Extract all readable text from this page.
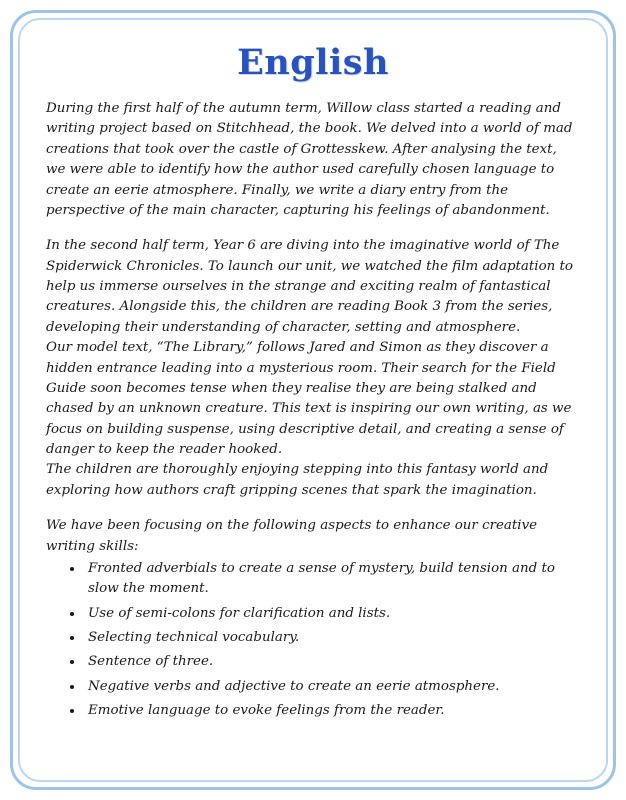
English

During the first half of the autumn term, Willow class started a reading and writing project based on Stitchhead, the book. We delved into a world of mad creations that took over the castle of Grottesskew. After analysing the text, we were able to identify how the author used carefully chosen language to create an eerie atmosphere. Finally, we write a diary entry from the perspective of the main character, capturing his feelings of abandonment.

In the second half term, Year 6 are diving into the imaginative world of The Spiderwick Chronicles. To launch our unit, we watched the film adaptation to help us immerse ourselves in the strange and exciting realm of fantastical creatures. Alongside this, the children are reading Book 3 from the series, developing their understanding of character, setting and atmosphere.

Our model text, “The Library,” follows Jared and Simon as they discover a hidden entrance leading into a mysterious room. Their search for the Field Guide soon becomes tense when they realise they are being stalked and chased by an unknown creature. This text is inspiring our own writing, as we focus on building suspense, using descriptive detail, and creating a sense of danger to keep the reader hooked.

The children are thoroughly enjoying stepping into this fantasy world and exploring how authors craft gripping scenes that spark the imagination.

We have been focusing on the following aspects to enhance our creative writing skills:

• Fronted adverbials to create a sense of mystery, build tension and to slow the moment.
• Use of semi-colons for clarification and lists.
• Selecting technical vocabulary.
• Sentence of three.
• Negative verbs and adjective to create an eerie atmosphere.
• Emotive language to evoke feelings from the reader.
